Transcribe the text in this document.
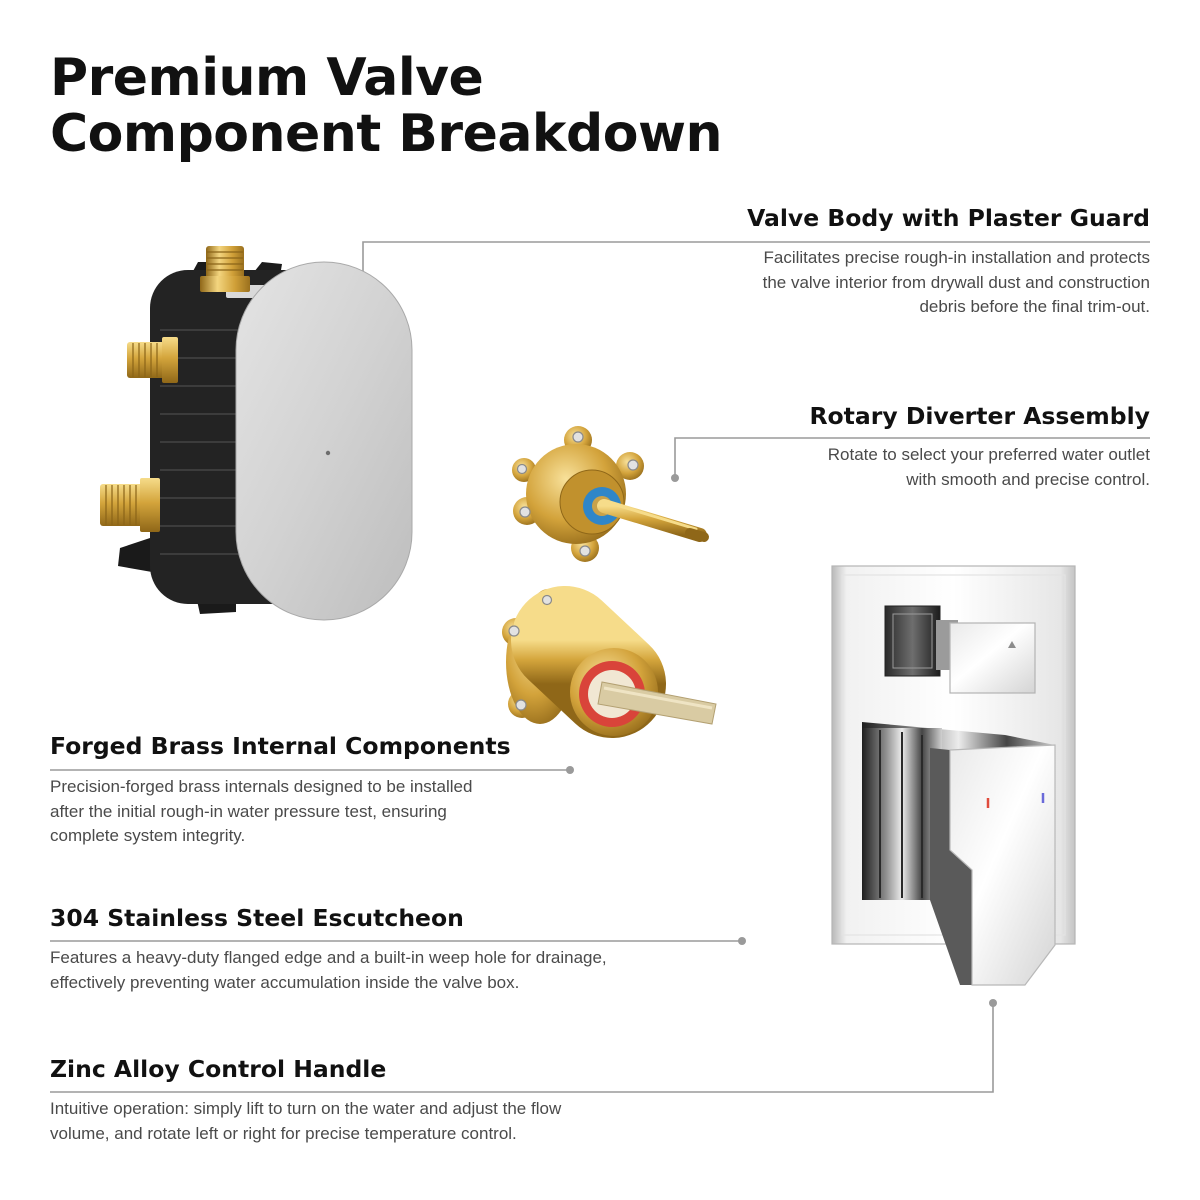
Premium Valve
Component Breakdown
Valve Body with Plaster Guard
Facilitates precise rough-in installation and protects
the valve interior from drywall dust and construction
debris before the final trim-out.
Rotary Diverter Assembly
Rotate to select your preferred water outlet
with smooth and precise control.
Forged Brass Internal Components
Precision-forged brass internals designed to be installed
after the initial rough-in water pressure test, ensuring
complete system integrity.
304 Stainless Steel Escutcheon
Features a heavy-duty flanged edge and a built-in weep hole for drainage,
effectively preventing water accumulation inside the valve box.
Zinc Alloy Control Handle
Intuitive operation: simply lift to turn on the water and adjust the flow
volume, and rotate left or right for precise temperature control.
